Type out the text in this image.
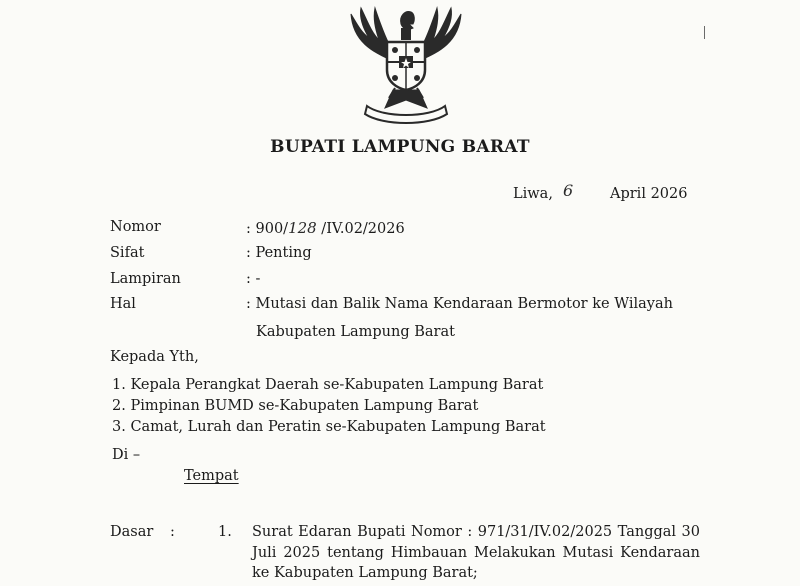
BUPATI LAMPUNG BARAT
Liwa, 6	April 2026
Nomor	: 900/128 /IV.02/2026
Sifat	: Penting
Lampiran	: -
Hal	: Mutasi dan Balik Nama Kendaraan Bermotor ke Wilayah
Kabupaten Lampung Barat
Kepada Yth,
1. Kepala Perangkat Daerah se-Kabupaten Lampung Barat
2. Pimpinan BUMD se-Kabupaten Lampung Barat
3. Camat, Lurah dan Peratin se-Kabupaten Lampung Barat
Di –
Tempat
Dasar :	1. Surat Edaran Bupati Nomor : 971/31/IV.02/2025 Tanggal 30 Juli 2025 tentang Himbauan Melakukan Mutasi Kendaraan ke Kabupaten Lampung Barat;
